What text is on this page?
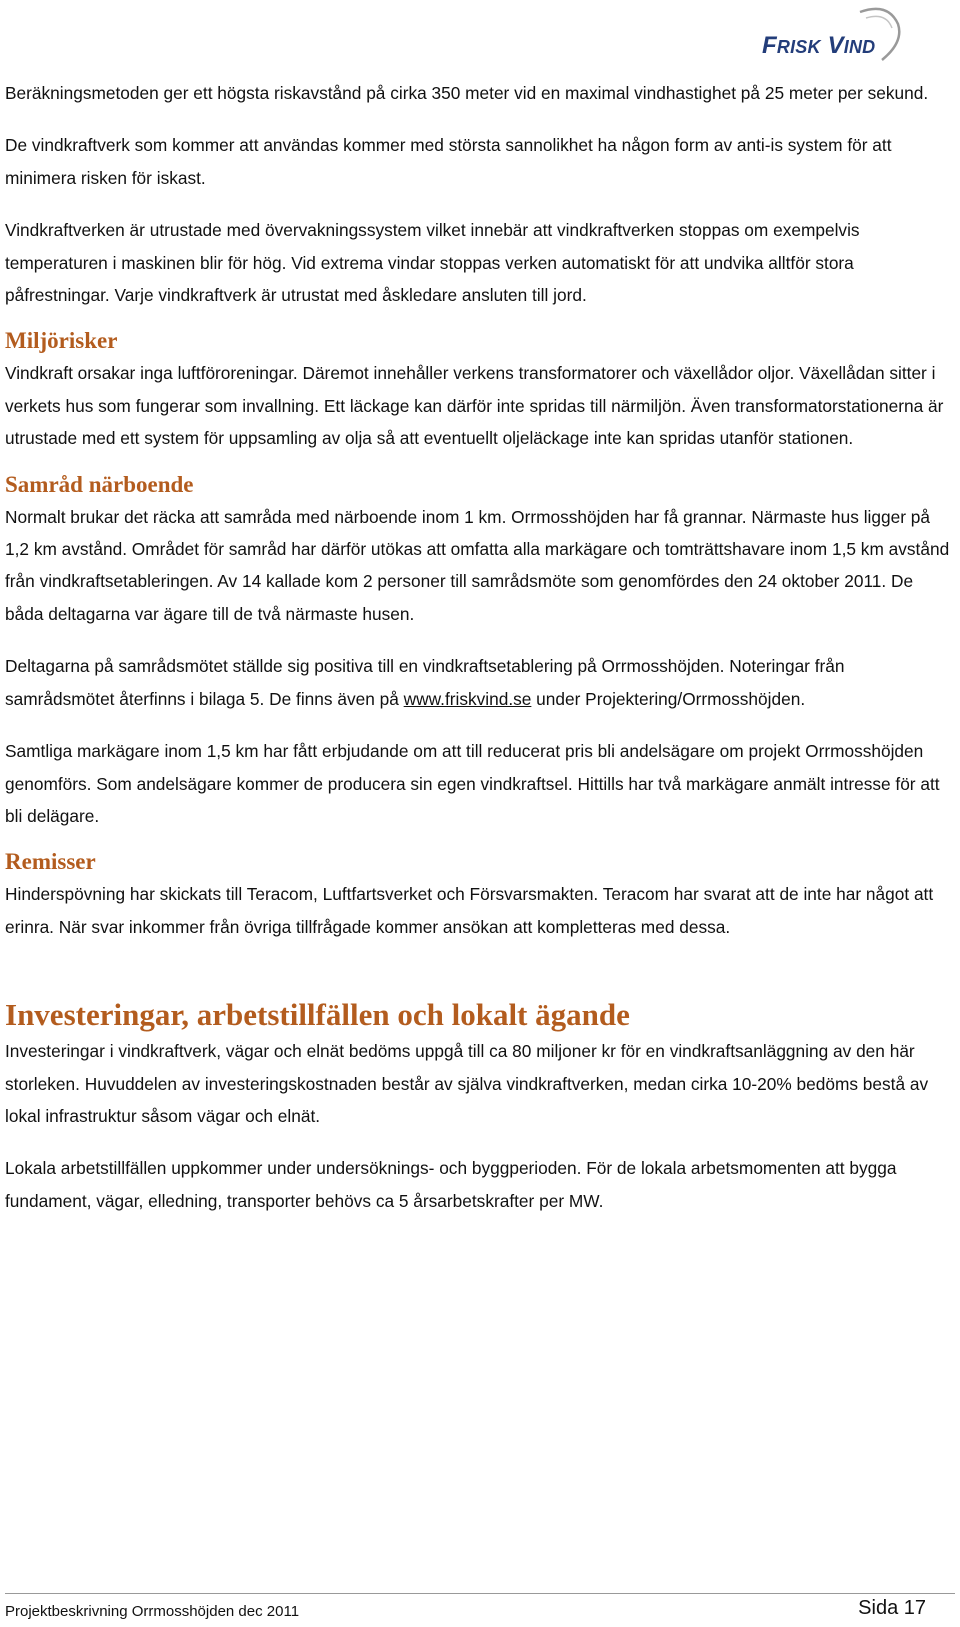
FRISK VIND

Beräkningsmetoden ger ett högsta riskavstånd på cirka 350 meter vid en maximal vindhastighet på 25 meter per sekund.

De vindkraftverk som kommer att användas kommer med största sannolikhet ha någon form av anti-is system för att minimera risken för iskast.

Vindkraftverken är utrustade med övervakningssystem vilket innebär att vindkraftverken stoppas om exempelvis temperaturen i maskinen blir för hög. Vid extrema vindar stoppas verken automatiskt för att undvika alltför stora påfrestningar. Varje vindkraftverk är utrustat med åskledare ansluten till jord.

Miljörisker

Vindkraft orsakar inga luftföroreningar. Däremot innehåller verkens transformatorer och växellådor oljor. Växellådan sitter i verkets hus som fungerar som invallning. Ett läckage kan därför inte spridas till närmiljön. Även transformatorstationerna är utrustade med ett system för uppsamling av olja så att eventuellt oljeläckage inte kan spridas utanför stationen.

Samråd närboende

Normalt brukar det räcka att samråda med närboende inom 1 km. Orrmosshöjden har få grannar. Närmaste hus ligger på 1,2 km avstånd. Området för samråd har därför utökas att omfatta alla markägare och tomträttshavare inom 1,5 km avstånd från vindkraftsetableringen. Av 14 kallade kom 2 personer till samrådsmöte som genomfördes den 24 oktober 2011. De båda deltagarna var ägare till de två närmaste husen.

Deltagarna på samrådsmötet ställde sig positiva till en vindkraftsetablering på Orrmosshöjden. Noteringar från samrådsmötet återfinns i bilaga 5. De finns även på www.friskvind.se under Projektering/Orrmosshöjden.

Samtliga markägare inom 1,5 km har fått erbjudande om att till reducerat pris bli andelsägare om projekt Orrmosshöjden genomförs. Som andelsägare kommer de producera sin egen vindkraftsel. Hittills har två markägare anmält intresse för att bli delägare.

Remisser

Hinderspövning har skickats till Teracom, Luftfartsverket och Försvarsmakten. Teracom har svarat att de inte har något att erinra. När svar inkommer från övriga tillfrågade kommer ansökan att kompletteras med dessa.

Investeringar, arbetstillfällen och lokalt ägande

Investeringar i vindkraftverk, vägar och elnät bedöms uppgå till ca 80 miljoner kr för en vindkraftsanläggning av den här storleken. Huvuddelen av investeringskostnaden består av själva vindkraftverken, medan cirka 10-20% bedöms bestå av lokal infrastruktur såsom vägar och elnät.

Lokala arbetstillfällen uppkommer under undersöknings- och byggperioden. För de lokala arbetsmomenten att bygga fundament, vägar, elledning, transporter behövs ca 5 årsarbetskrafter per MW.

Projektbeskrivning Orrmosshöjden dec 2011	Sida 17
